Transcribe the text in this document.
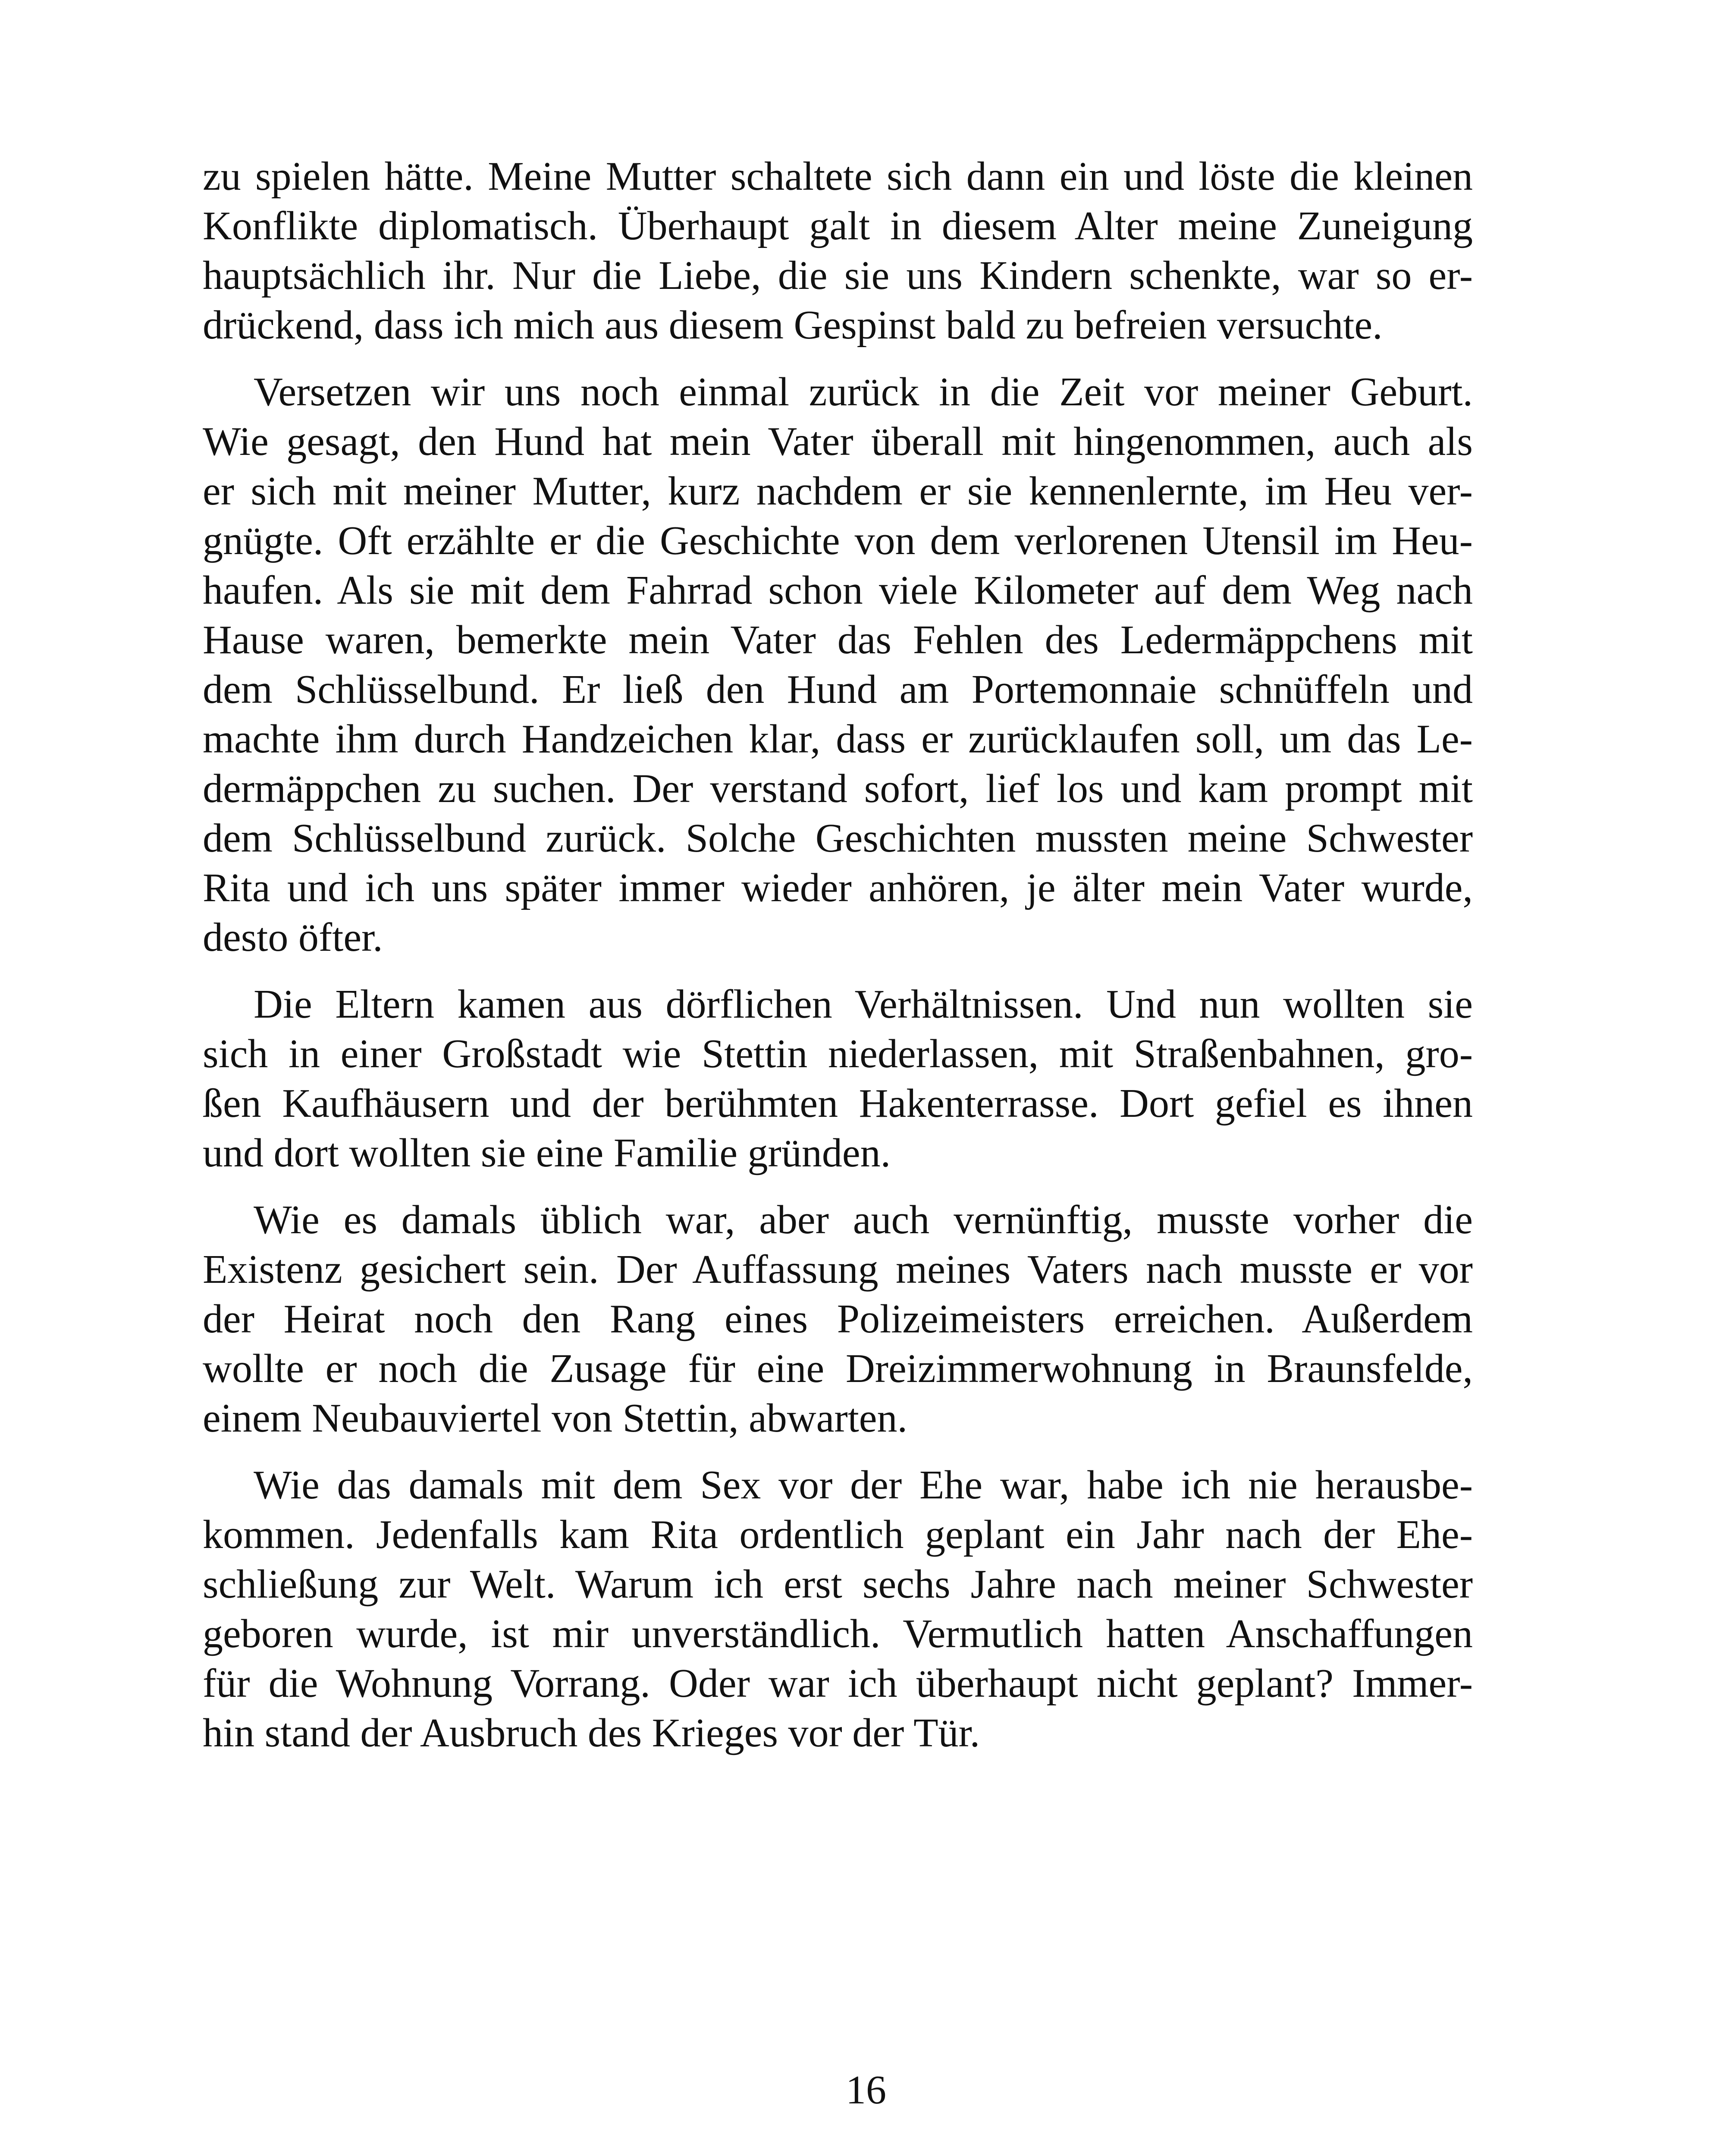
zu spielen hätte. Meine Mutter schaltete sich dann ein und löste die kleinen
Konflikte diplomatisch. Überhaupt galt in diesem Alter meine Zuneigung
hauptsächlich ihr. Nur die Liebe, die sie uns Kindern schenkte, war so er-
drückend, dass ich mich aus diesem Gespinst bald zu befreien versuchte.
Versetzen wir uns noch einmal zurück in die Zeit vor meiner Geburt.
Wie gesagt, den Hund hat mein Vater überall mit hingenommen, auch als
er sich mit meiner Mutter, kurz nachdem er sie kennenlernte, im Heu ver-
gnügte. Oft erzählte er die Geschichte von dem verlorenen Utensil im Heu-
haufen. Als sie mit dem Fahrrad schon viele Kilometer auf dem Weg nach
Hause waren, bemerkte mein Vater das Fehlen des Ledermäppchens mit
dem Schlüsselbund. Er ließ den Hund am Portemonnaie schnüffeln und
machte ihm durch Handzeichen klar, dass er zurücklaufen soll, um das Le-
dermäppchen zu suchen. Der verstand sofort, lief los und kam prompt mit
dem Schlüsselbund zurück. Solche Geschichten mussten meine Schwester
Rita und ich uns später immer wieder anhören, je älter mein Vater wurde,
desto öfter.
Die Eltern kamen aus dörflichen Verhältnissen. Und nun wollten sie
sich in einer Großstadt wie Stettin niederlassen, mit Straßenbahnen, gro-
ßen Kaufhäusern und der berühmten Hakenterrasse. Dort gefiel es ihnen
und dort wollten sie eine Familie gründen.
Wie es damals üblich war, aber auch vernünftig, musste vorher die
Existenz gesichert sein. Der Auffassung meines Vaters nach musste er vor
der Heirat noch den Rang eines Polizeimeisters erreichen. Außerdem
wollte er noch die Zusage für eine Dreizimmerwohnung in Braunsfelde,
einem Neubauviertel von Stettin, abwarten.
Wie das damals mit dem Sex vor der Ehe war, habe ich nie herausbe-
kommen. Jedenfalls kam Rita ordentlich geplant ein Jahr nach der Ehe-
schließung zur Welt. Warum ich erst sechs Jahre nach meiner Schwester
geboren wurde, ist mir unverständlich. Vermutlich hatten Anschaffungen
für die Wohnung Vorrang. Oder war ich überhaupt nicht geplant? Immer-
hin stand der Ausbruch des Krieges vor der Tür.
16
